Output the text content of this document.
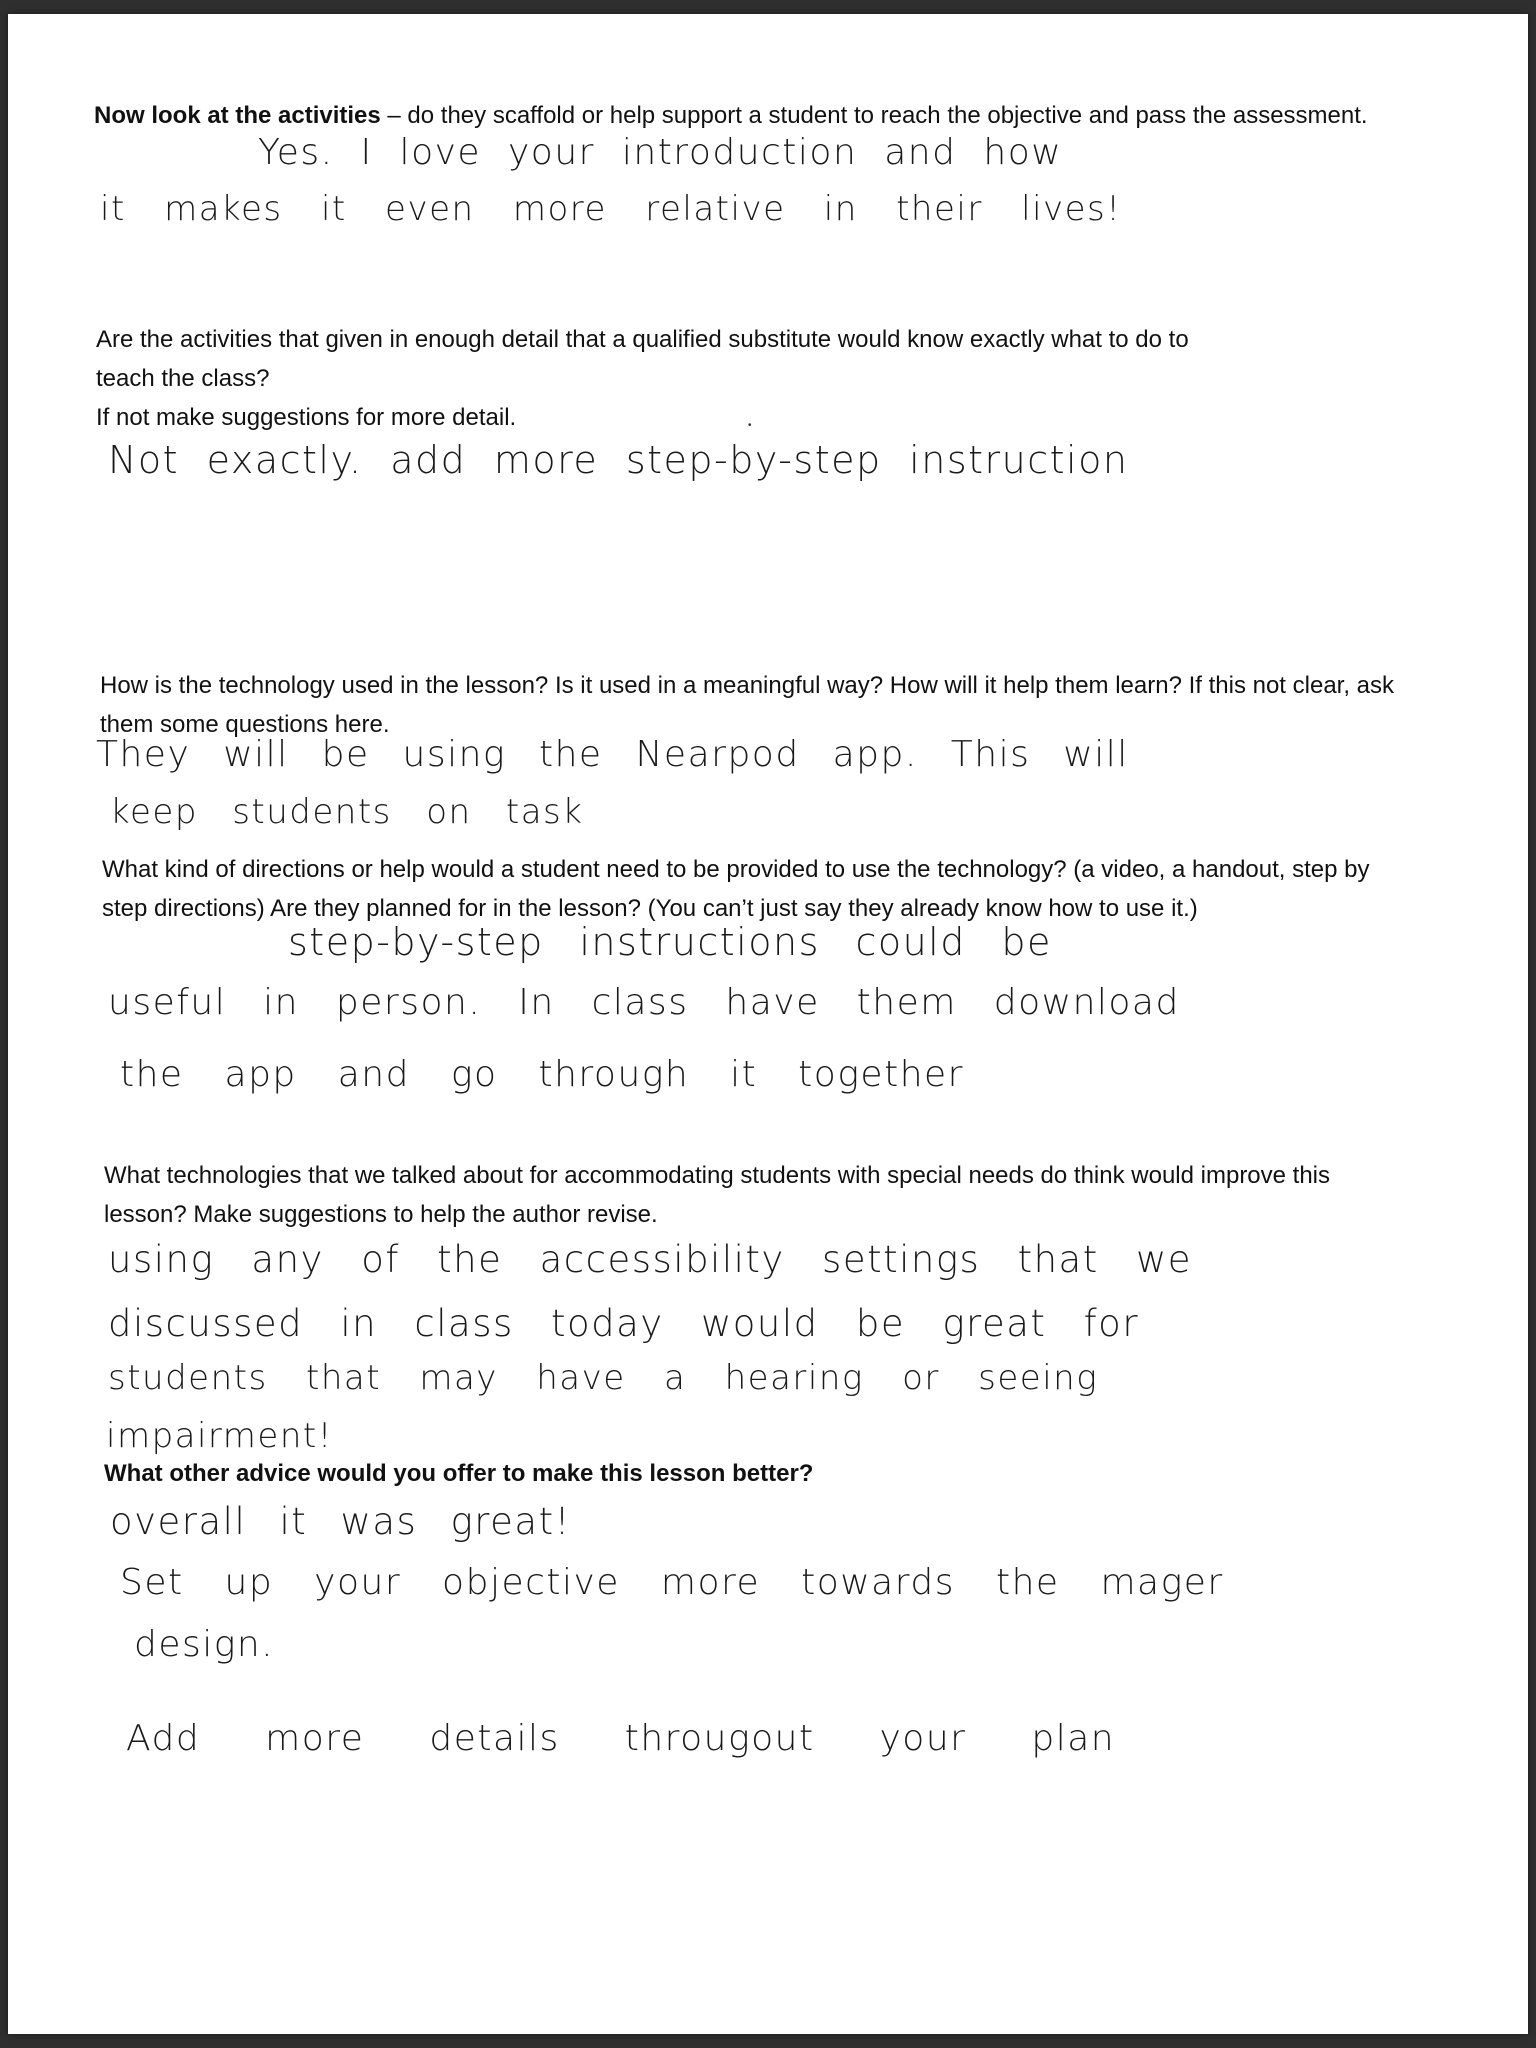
Now look at the activities – do they scaffold or help support a student to reach the objective and pass the assessment.
Yes. I love your introduction and how
it makes it even more relative in their lives!
Are the activities that given in enough detail that a qualified substitute would know exactly what to do to
teach the class?
If not make suggestions for more detail.	•
Not exactly. add more step-by-step instruction
How is the technology used in the lesson? Is it used in a meaningful way? How will it help them learn? If this not clear, ask them some questions here.
They will be using the Nearpod app. This will
keep students on task
What kind of directions or help would a student need to be provided to use the technology? (a video, a handout, step by step directions) Are they planned for in the lesson? (You can’t just say they already know how to use it.)
step-by-step instructions could be
useful in person. In class have them download
the app and go through it together
What technologies that we talked about for accommodating students with special needs do think would improve this lesson? Make suggestions to help the author revise.
using any of the accessibility settings that we
discussed in class today would be great for
students that may have a hearing or seeing
impairment!
What other advice would you offer to make this lesson better?
overall it was great!
Set up your objective more towards the mager
design.
Add more details througout your plan
